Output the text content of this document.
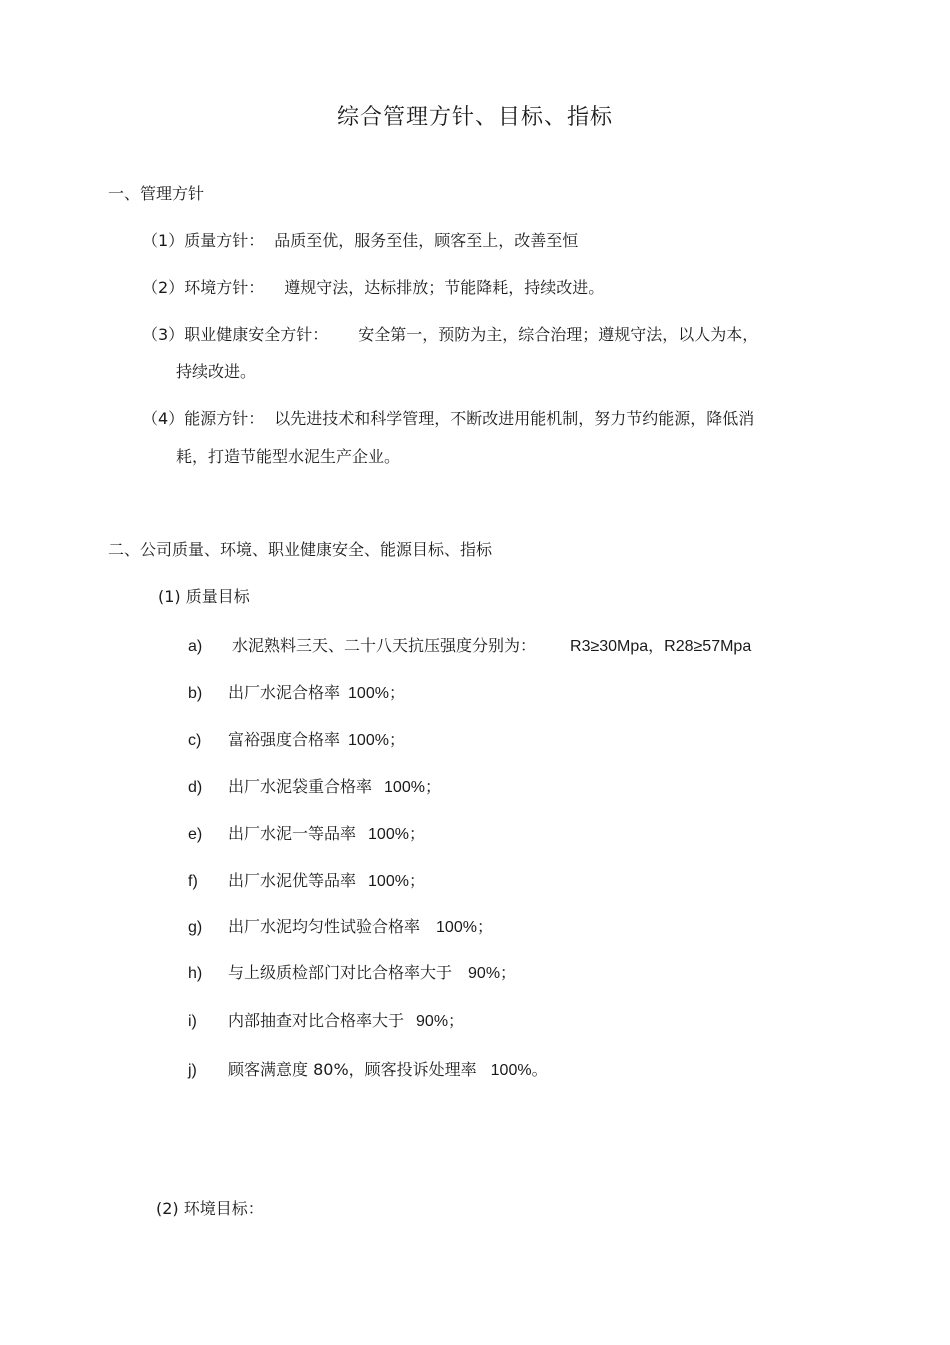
综合管理方针、目标、指标
一、管理方针
（1）质量方针： 品质至优，服务至佳，顾客至上，改善至恒
（2）环境方针： 遵规守法，达标排放；节能降耗，持续改进。
（3）职业健康安全方针： 安全第一，预防为主，综合治理；遵规守法，以人为本，
持续改进。
（4）能源方针： 以先进技术和科学管理，不断改进用能机制，努力节约能源，降低消
耗，打造节能型水泥生产企业。
二、公司质量、环境、职业健康安全、能源目标、指标
(1) 质量目标
a) 水泥熟料三天、二十八天抗压强度分别为： R3≥30Mpa，R28≥57Mpa
b) 出厂水泥合格率 100%；
c) 富裕强度合格率 100%；
d) 出厂水泥袋重合格率 100%；
e) 出厂水泥一等品率 100%；
f) 出厂水泥优等品率 100%；
g) 出厂水泥均匀性试验合格率 100%；
h) 与上级质检部门对比合格率大于 90%；
i) 内部抽查对比合格率大于 90%；
j) 顾客满意度 80%，顾客投诉处理率 100%。
(2) 环境目标：
